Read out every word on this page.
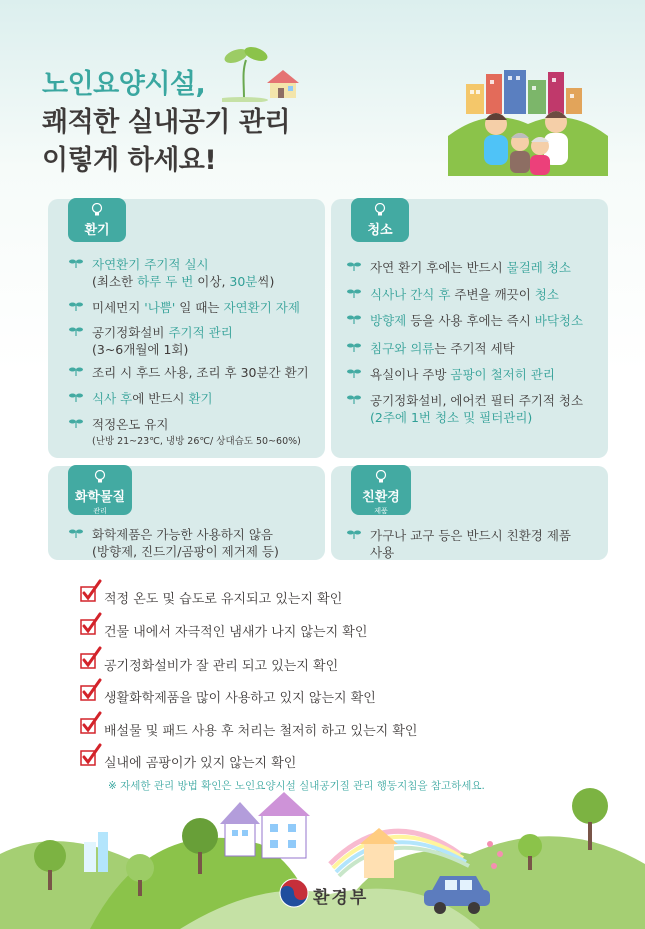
노인요양시설,
쾌적한 실내공기 관리
이렇게 하세요!
환기
자연환기 주기적 실시
(최소한 하루 두 번 이상, 30분씩)
미세먼지 '나쁨' 일 때는 자연환기 자제
공기정화설비 주기적 관리
(3~6개월에 1회)
조리 시 후드 사용, 조리 후 30분간 환기
식사 후에 반드시 환기
적정온도 유지
(난방 21~23℃, 냉방 26℃/ 상대습도 50~60%)
청소
자연 환기 후에는 반드시 물걸레 청소
식사나 간식 후 주변을 깨끗이 청소
방향제 등을 사용 후에는 즉시 바닥청소
침구와 의류는 주기적 세탁
욕실이나 주방 곰팡이 철저히 관리
공기정화설비, 에어컨 필터 주기적 청소
(2주에 1번 청소 및 필터관리)
화학물질
관리
화학제품은 가능한 사용하지 않음
(방향제, 진드기/곰팡이 제거제 등)
친환경
제품
가구나 교구 등은 반드시 친환경 제품
사용
적정 온도 및 습도로 유지되고 있는지 확인
건물 내에서 자극적인 냄새가 나지 않는지 확인
공기정화설비가 잘 관리 되고 있는지 확인
생활화학제품을 많이 사용하고 있지 않는지 확인
배설물 및 패드 사용 후 처리는 철저히 하고 있는지 확인
실내에 곰팡이가 있지 않는지 확인
※ 자세한 관리 방법 확인은 노인요양시설 실내공기질 관리 행동지침을 참고하세요.
환경부
